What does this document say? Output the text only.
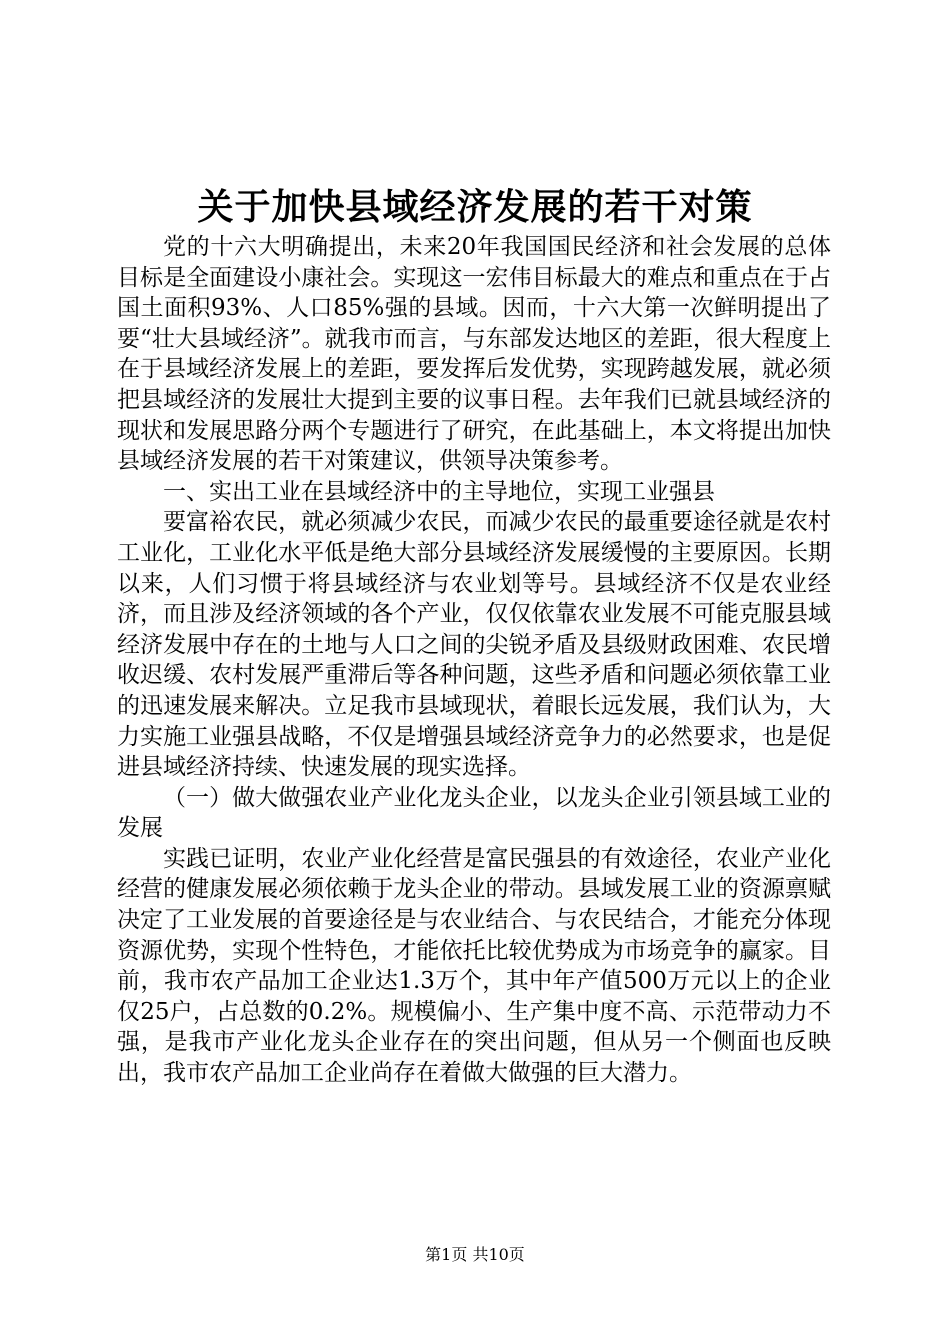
关于加快县域经济发展的若干对策

党的十六大明确提出，未来20年我国国民经济和社会发展的总体目标是全面建设小康社会。实现这一宏伟目标最大的难点和重点在于占国土面积93%、人口85%强的县域。因而，十六大第一次鲜明提出了要“壮大县域经济”。就我市而言，与东部发达地区的差距，很大程度上在于县域经济发展上的差距，要发挥后发优势，实现跨越发展，就必须把县域经济的发展壮大提到主要的议事日程。去年我们已就县域经济的现状和发展思路分两个专题进行了研究，在此基础上，本文将提出加快县域经济发展的若干对策建议，供领导决策参考。

一、实出工业在县域经济中的主导地位，实现工业强县

要富裕农民，就必须减少农民，而减少农民的最重要途径就是农村工业化，工业化水平低是绝大部分县域经济发展缓慢的主要原因。长期以来，人们习惯于将县域经济与农业划等号。县域经济不仅是农业经济，而且涉及经济领域的各个产业，仅仅依靠农业发展不可能克服县域经济发展中存在的土地与人口之间的尖锐矛盾及县级财政困难、农民增收迟缓、农村发展严重滞后等各种问题，这些矛盾和问题必须依靠工业的迅速发展来解决。立足我市县域现状，着眼长远发展，我们认为，大力实施工业强县战略，不仅是增强县域经济竞争力的必然要求，也是促进县域经济持续、快速发展的现实选择。

（一）做大做强农业产业化龙头企业，以龙头企业引领县域工业的发展

实践已证明，农业产业化经营是富民强县的有效途径，农业产业化经营的健康发展必须依赖于龙头企业的带动。县域发展工业的资源禀赋决定了工业发展的首要途径是与农业结合、与农民结合，才能充分体现资源优势，实现个性特色，才能依托比较优势成为市场竞争的赢家。目前，我市农产品加工企业达1.3万个，其中年产值500万元以上的企业仅25户，占总数的0.2%。规模偏小、生产集中度不高、示范带动力不强，是我市产业化龙头企业存在的突出问题，但从另一个侧面也反映出，我市农产品加工企业尚存在着做大做强的巨大潜力。

第1页 共10页
